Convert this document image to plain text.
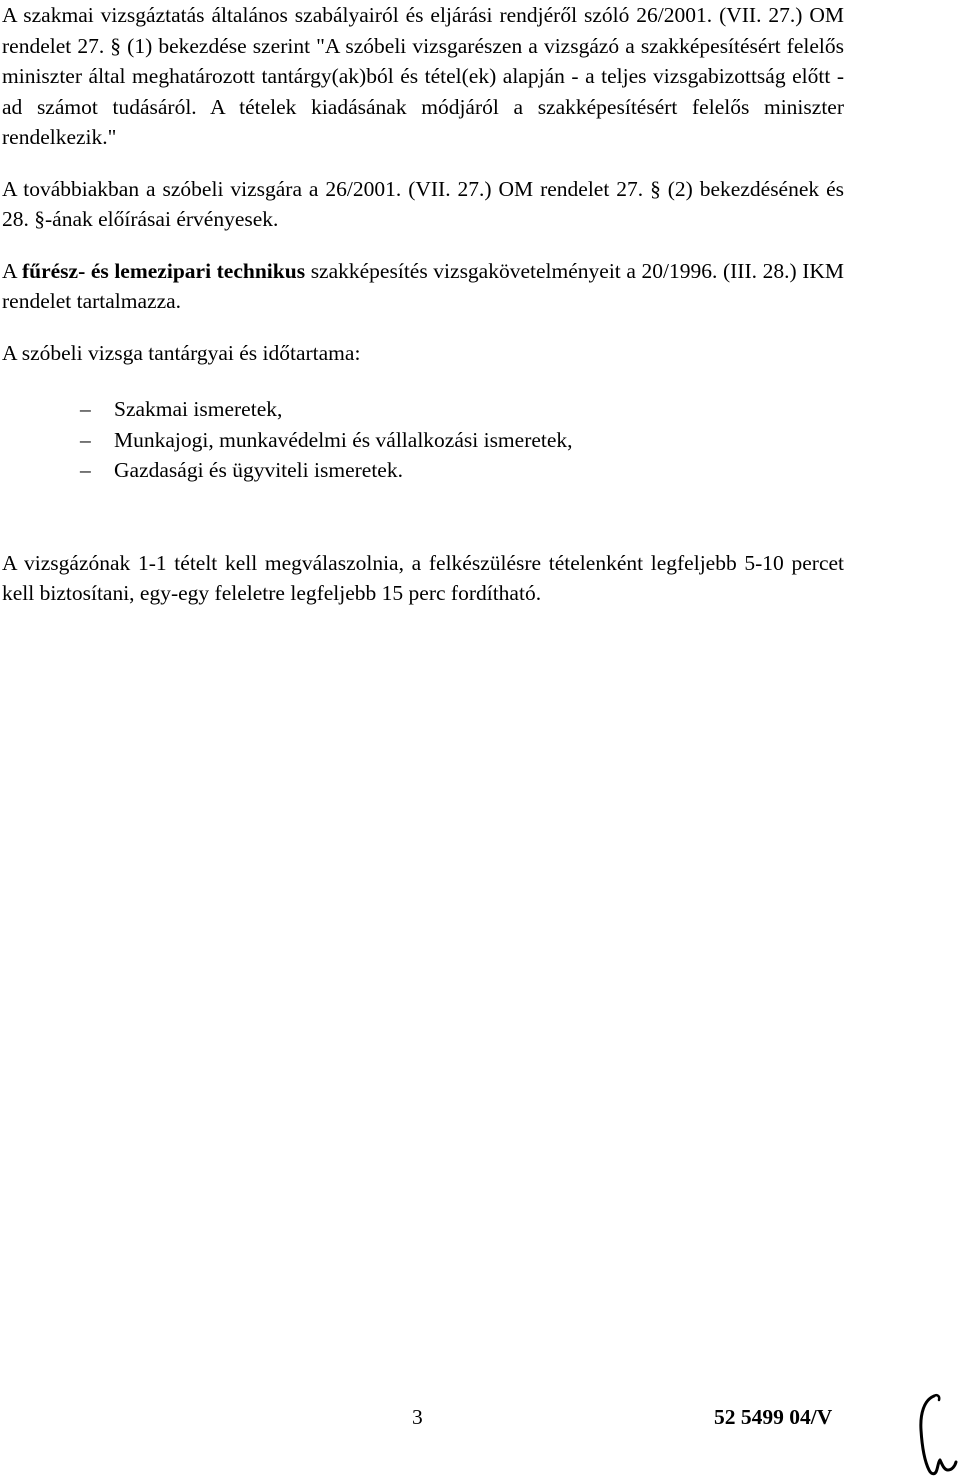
A szakmai vizsgáztatás általános szabályairól és eljárási rendjéről szóló 26/2001. (VII. 27.) OM rendelet 27. § (1) bekezdése szerint "A szóbeli vizsgarészen a vizsgázó a szakképesítésért felelős miniszter által meghatározott tantárgy(ak)ból és tétel(ek) alapján - a teljes vizsgabizottság előtt - ad számot tudásáról. A tételek kiadásának módjáról a szakképesítésért felelős miniszter rendelkezik."

A továbbiakban a szóbeli vizsgára a 26/2001. (VII. 27.) OM rendelet 27. § (2) bekezdésének és 28. §-ának előírásai érvényesek.

A fűrész- és lemezipari technikus szakképesítés vizsgakövetelményeit a 20/1996. (III. 28.) IKM rendelet tartalmazza.

A szóbeli vizsga tantárgyai és időtartama:

– Szakmai ismeretek,
– Munkajogi, munkavédelmi és vállalkozási ismeretek,
– Gazdasági és ügyviteli ismeretek.

A vizsgázónak 1-1 tételt kell megválaszolnia, a felkészülésre tételenként legfeljebb 5-10 percet kell biztosítani, egy-egy feleletre legfeljebb 15 perc fordítható.

3	52 5499 04/V
